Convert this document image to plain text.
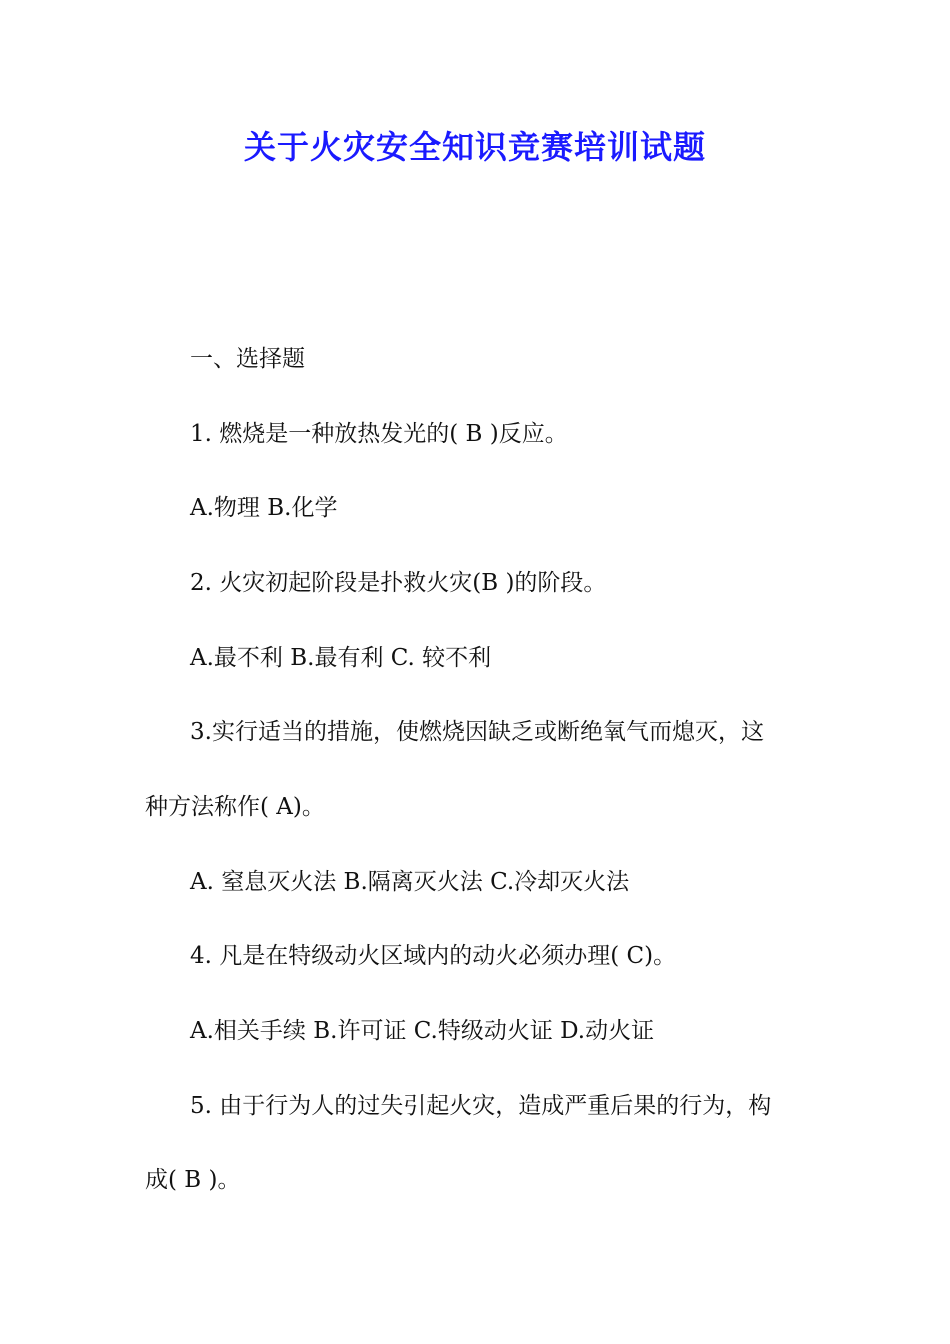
关于火灾安全知识竞赛培训试题
一、选择题
1. 燃烧是一种放热发光的( B )反应。
A.物理 B.化学
2. 火灾初起阶段是扑救火灾(B )的阶段。
A.最不利 B.最有利 C. 较不利
3.实行适当的措施，使燃烧因缺乏或断绝氧气而熄灭，这
种方法称作( A)。
A. 窒息灭火法 B.隔离灭火法 C.冷却灭火法
4. 凡是在特级动火区域内的动火必须办理( C)。
A.相关手续 B.许可证 C.特级动火证 D.动火证
5. 由于行为人的过失引起火灾，造成严重后果的行为，构
成( B )。
